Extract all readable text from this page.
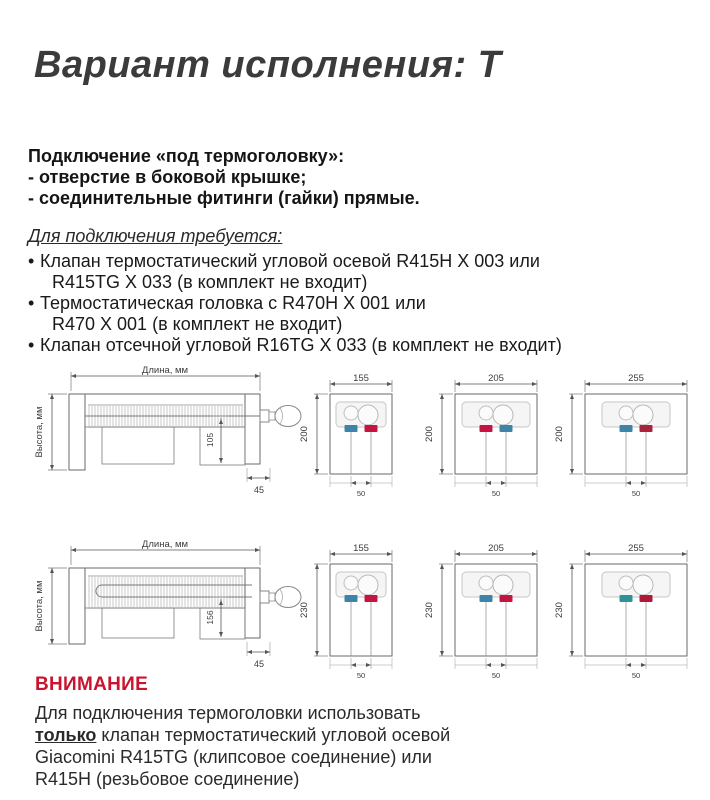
Вариант исполнения: Т
Подключение «под термоголовку»:
- отверстие в боковой крышке;
- соединительные фитинги (гайки) прямые.
Для подключения требуется:
• Клапан термостатический угловой осевой R415H X 003 или
R415TG X 033 (в комплект не входит)
• Термостатическая головка с R470H X 001 или
R470 X 001 (в комплект не входит)
• Клапан отсечной угловой R16TG X 033 (в комплект не входит)
Длина, мм
Высота, мм	105
45
155
200
50
205
200
50
255
200
50
Длина, мм
Высота, мм	156
45
155
230
50
205
230
50
255
230
50
ВНИМАНИЕ
Для подключения термоголовки использовать
только клапан термостатический угловой осевой
Giacomini R415TG (клипсовое соединение) или
R415H (резьбовое соединение)
